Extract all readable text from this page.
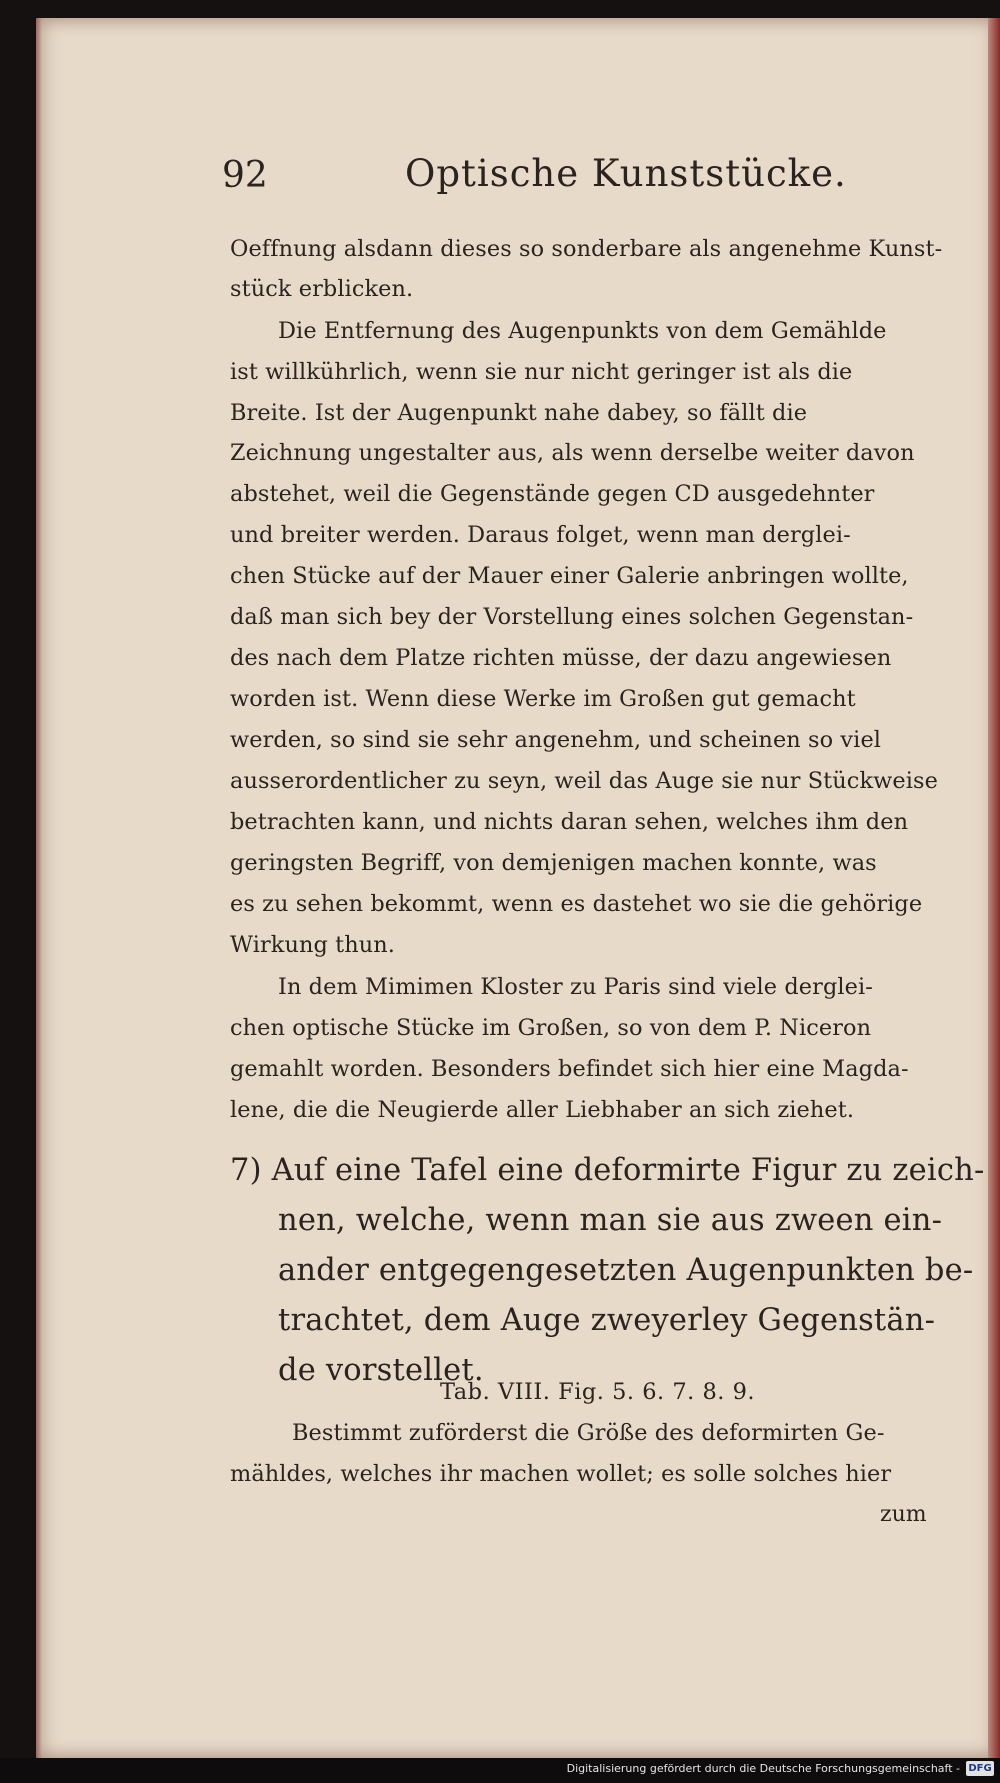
92	Optische Kunststücke.
Oeffnung alsdann dieses so sonderbare als angenehme Kunst-
stück erblicken.
Die Entfernung des Augenpunkts von dem Gemählde
ist willkührlich, wenn sie nur nicht geringer ist als die
Breite. Ist der Augenpunkt nahe dabey, so fällt die
Zeichnung ungestalter aus, als wenn derselbe weiter davon
abstehet, weil die Gegenstände gegen CD ausgedehnter
und breiter werden. Daraus folget, wenn man derglei-
chen Stücke auf der Mauer einer Galerie anbringen wollte,
daß man sich bey der Vorstellung eines solchen Gegenstan-
des nach dem Platze richten müsse, der dazu angewiesen
worden ist. Wenn diese Werke im Großen gut gemacht
werden, so sind sie sehr angenehm, und scheinen so viel
ausserordentlicher zu seyn, weil das Auge sie nur Stückweise
betrachten kann, und nichts daran sehen, welches ihm den
geringsten Begriff, von demjenigen machen konnte, was
es zu sehen bekommt, wenn es dastehet wo sie die gehörige
Wirkung thun.
In dem Mimimen Kloster zu Paris sind viele derglei-
chen optische Stücke im Großen, so von dem P. Niceron
gemahlt worden. Besonders befindet sich hier eine Magda-
lene, die die Neugierde aller Liebhaber an sich ziehet.
7) Auf eine Tafel eine deformirte Figur zu zeich-
nen, welche, wenn man sie aus zween ein-
ander entgegengesetzten Augenpunkten be-
trachtet, dem Auge zweyerley Gegenstän-
de vorstellet.
Tab. VIII. Fig. 5. 6. 7. 8. 9.
Bestimmt zuförderst die Größe des deformirten Ge-
mähldes, welches ihr machen wollet; es solle solches hier
zum
Digitalisierung gefördert durch die Deutsche Forschungsgemeinschaft - DFG
